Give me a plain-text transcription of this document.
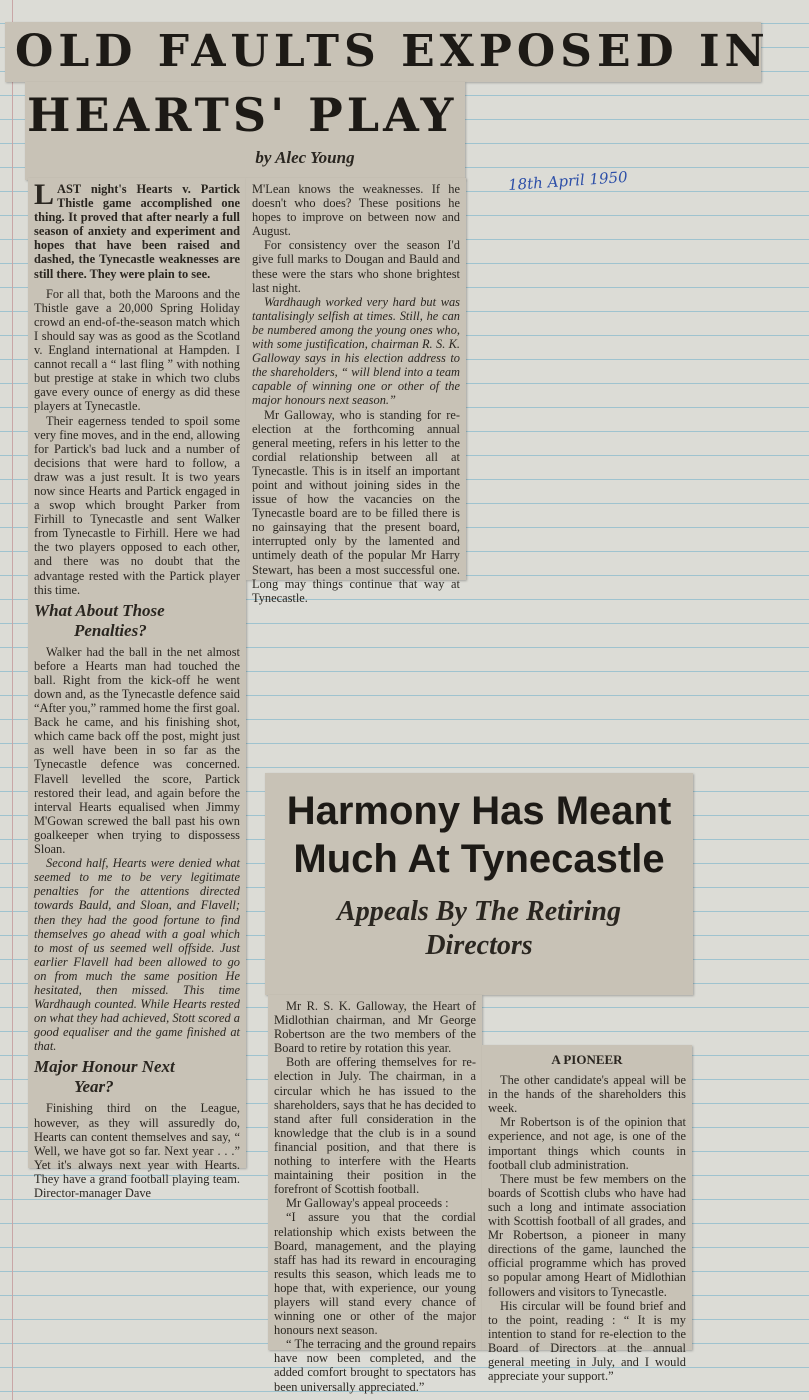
OLD FAULTS EXPOSED IN
HEARTS' PLAY
by Alec Young
18th April 1950

LAST night's Hearts v. Partick Thistle game accomplished one thing. It proved that after nearly a full season of anxiety and experiment and hopes that have been raised and dashed, the Tynecastle weaknesses are still there. They were plain to see.

For all that, both the Maroons and the Thistle gave a 20,000 Spring Holiday crowd an end-of-the-season match which I should say was as good as the Scotland v. England international at Hampden. I cannot recall a “ last fling ” with nothing but prestige at stake in which two clubs gave every ounce of energy as did these players at Tynecastle.

Their eagerness tended to spoil some very fine moves, and in the end, allowing for Partick's bad luck and a number of decisions that were hard to follow, a draw was a just result. It is two years now since Hearts and Partick engaged in a swop which brought Parker from Firhill to Tynecastle and sent Walker from Tynecastle to Firhill. Here we had the two players opposed to each other, and there was no doubt that the advantage rested with the Partick player this time.

What About Those
Penalties?

Walker had the ball in the net almost before a Hearts man had touched the ball. Right from the kick-off he went down and, as the Tynecastle defence said “After you,” rammed home the first goal. Back he came, and his finishing shot, which came back off the post, might just as well have been in so far as the Tynecastle defence was concerned. Flavell levelled the score, Partick restored their lead, and again before the interval Hearts equalised when Jimmy M'Gowan screwed the ball past his own goalkeeper when trying to dispossess Sloan.

Second half, Hearts were denied what seemed to me to be very legitimate penalties for the attentions directed towards Bauld, and Sloan, and Flavell; then they had the good fortune to find themselves go ahead with a goal which to most of us seemed well offside. Just earlier Flavell had been allowed to go on from much the same position He hesitated, then missed. This time Wardhaugh counted. While Hearts rested on what they had achieved, Stott scored a good equaliser and the game finished at that.

Major Honour Next
Year?

Finishing third on the League, however, as they will assuredly do, Hearts can content themselves and say, “ Well, we have got so far. Next year . . .” Yet it's always next year with Hearts. They have a grand football playing team. Director-manager Dave

M'Lean knows the weaknesses. If he doesn't who does? These positions he hopes to improve on between now and August.

For consistency over the season I'd give full marks to Dougan and Bauld and these were the stars who shone brightest last night.

Wardhaugh worked very hard but was tantalisingly selfish at times. Still, he can be numbered among the young ones who, with some justification, chairman R. S. K. Galloway says in his election address to the shareholders, “ will blend into a team capable of winning one or other of the major honours next season.”

Mr Galloway, who is standing for re-election at the forthcoming annual general meeting, refers in his letter to the cordial relationship between all at Tynecastle. This is in itself an important point and without joining sides in the issue of how the vacancies on the Tynecastle board are to be filled there is no gainsaying that the present board, interrupted only by the lamented and untimely death of the popular Mr Harry Stewart, has been a most successful one. Long may things continue that way at Tynecastle.

Harmony Has Meant
Much At Tynecastle
Appeals By The Retiring
Directors

Mr R. S. K. Galloway, the Heart of Midlothian chairman, and Mr George Robertson are the two members of the Board to retire by rotation this year.

Both are offering themselves for re-election in July. The chairman, in a circular which he has issued to the shareholders, says that he has decided to stand after full consideration in the knowledge that the club is in a sound financial position, and that there is nothing to interfere with the Hearts maintaining their position in the forefront of Scottish football.

Mr Galloway's appeal proceeds :

“I assure you that the cordial relationship which exists between the Board, management, and the playing staff has had its reward in encouraging results this season, which leads me to hope that, with experience, our young players will stand every chance of winning one or other of the major honours next season.

“ The terracing and the ground repairs have now been completed, and the added comfort brought to spectators has been universally appreciated.”

A PIONEER

The other candidate's appeal will be in the hands of the shareholders this week.

Mr Robertson is of the opinion that experience, and not age, is one of the important things which counts in football club administration.

There must be few members on the boards of Scottish clubs who have had such a long and intimate association with Scottish football of all grades, and Mr Robertson, a pioneer in many directions of the game, launched the official programme which has proved so popular among Heart of Midlothian followers and visitors to Tynecastle.

His circular will be found brief and to the point, reading : “ It is my intention to stand for re-election to the Board of Directors at the annual general meeting in July, and I would appreciate your support.”
